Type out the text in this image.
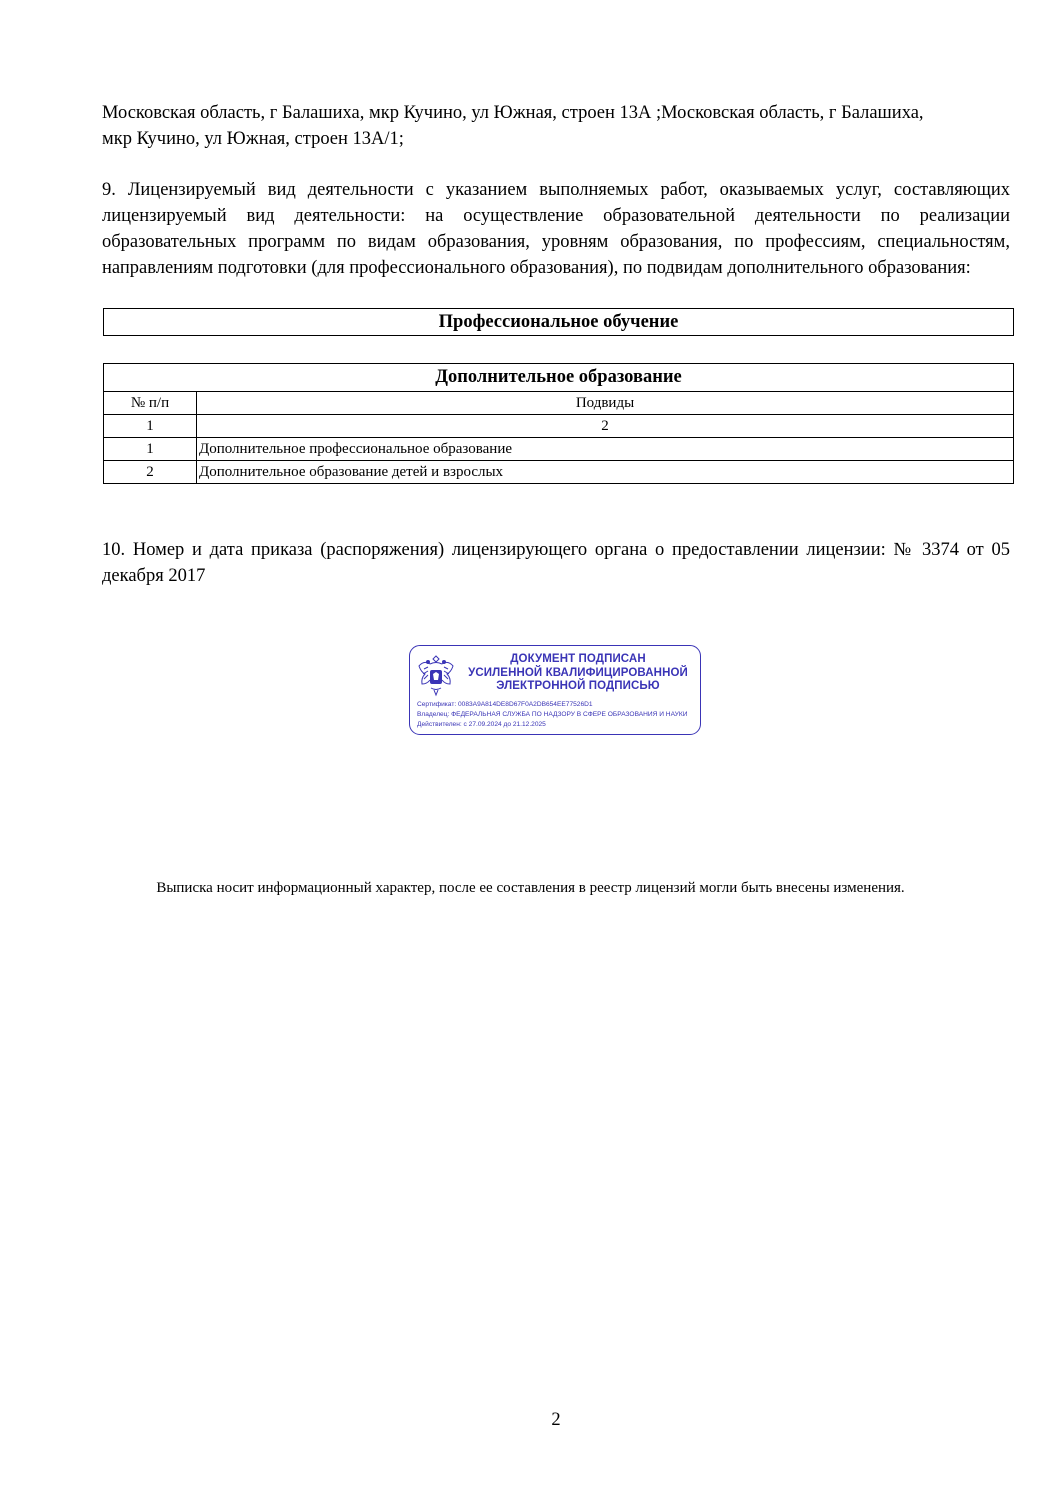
Московская область, г Балашиха, мкр Кучино, ул Южная, строен 13А ;Московская область, г Балашиха,
мкр Кучино, ул Южная, строен 13А/1;
9. Лицензируемый вид деятельности с указанием выполняемых работ, оказываемых услуг, составляющих лицензируемый вид деятельности: на осуществление образовательной деятельности по реализации образовательных программ по видам образования, уровням образования, по профессиям, специальностям, направлениям подготовки (для профессионального образования), по подвидам дополнительного образования:
Профессиональное обучение
Дополнительное образование	
№ п/п	Подвиды
1	2
1	Дополнительное профессиональное образование
2	Дополнительное образование детей и взрослых
10. Номер и дата приказа (распоряжения) лицензирующего органа о предоставлении лицензии: № 3374 от 05 декабря 2017
ДОКУМЕНТ ПОДПИСАН
УСИЛЕННОЙ КВАЛИФИЦИРОВАННОЙ
ЭЛЕКТРОННОЙ ПОДПИСЬЮ
Сертификат: 0083A9A814DE8D67F0A2DB654EE77526D1
Владелец: ФЕДЕРАЛЬНАЯ СЛУЖБА ПО НАДЗОРУ В СФЕРЕ ОБРАЗОВАНИЯ И НАУКИ
Действителен: с 27.09.2024 до 21.12.2025
Выписка носит информационный характер, после ее составления в реестр лицензий могли быть внесены изменения.
2
